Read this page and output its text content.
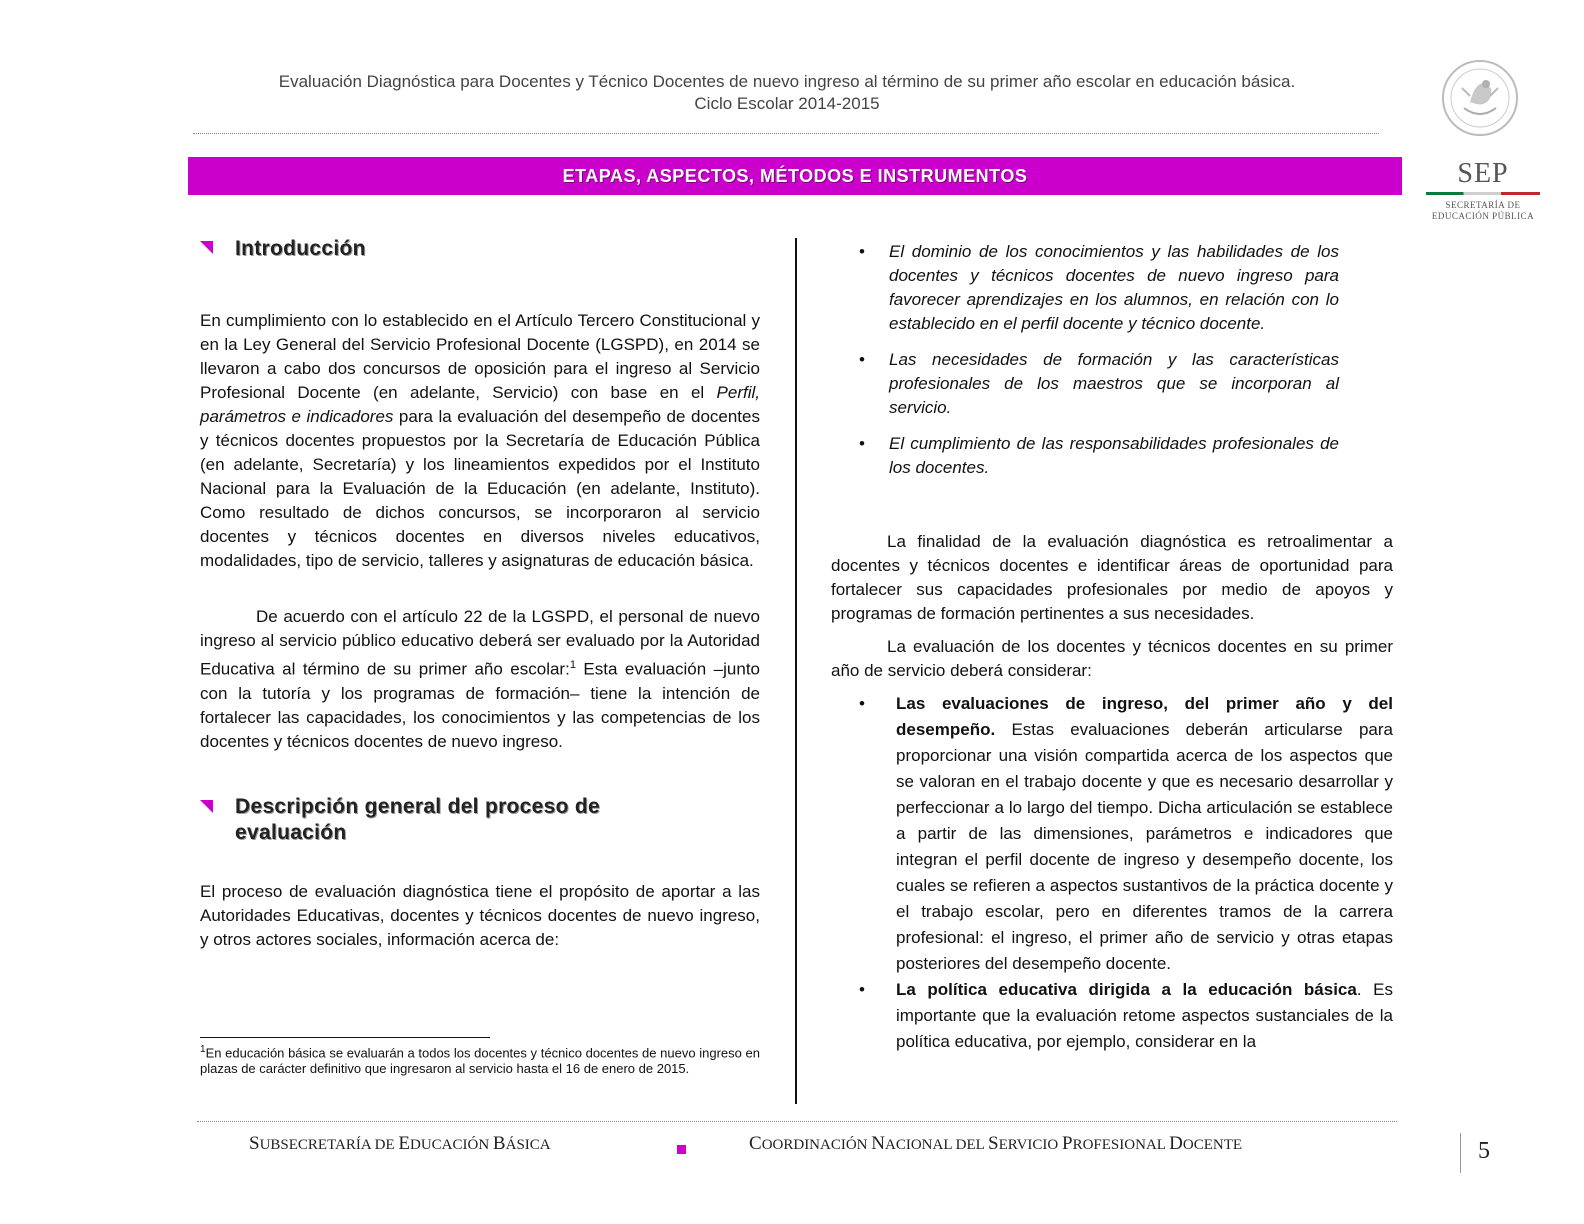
Evaluación Diagnóstica para Docentes y Técnico Docentes de nuevo ingreso al término de su primer año escolar en educación básica.
Ciclo Escolar 2014-2015
SEP
SECRETARÍA DE
EDUCACIÓN PÚBLICA
ETAPAS, ASPECTOS, MÉTODOS E INSTRUMENTOS
Introducción

En cumplimiento con lo establecido en el Artículo Tercero Constitucional y en la Ley General del Servicio Profesional Docente (LGSPD), en 2014 se llevaron a cabo dos concursos de oposición para el ingreso al Servicio Profesional Docente (en adelante, Servicio) con base en el Perfil, parámetros e indicadores para la evaluación del desempeño de docentes y técnicos docentes propuestos por la Secretaría de Educación Pública (en adelante, Secretaría) y los lineamientos expedidos por el Instituto Nacional para la Evaluación de la Educación (en adelante, Instituto). Como resultado de dichos concursos, se incorporaron al servicio docentes y técnicos docentes en diversos niveles educativos, modalidades, tipo de servicio, talleres y asignaturas de educación básica.

De acuerdo con el artículo 22 de la LGSPD, el personal de nuevo ingreso al servicio público educativo deberá ser evaluado por la Autoridad Educativa al término de su primer año escolar:$^1$ Esta evaluación –junto con la tutoría y los programas de formación– tiene la intención de fortalecer las capacidades, los conocimientos y las competencias de los docentes y técnicos docentes de nuevo ingreso.

Descripción general del proceso de
evaluación

El proceso de evaluación diagnóstica tiene el propósito de aportar a las Autoridades Educativas, docentes y técnicos docentes de nuevo ingreso, y otros actores sociales, información acerca de:

$^1$En educación básica se evaluarán a todos los docentes y técnico docentes de nuevo ingreso en plazas de carácter definitivo que ingresaron al servicio hasta el 16 de enero de 2015.
• El dominio de los conocimientos y las habilidades de los docentes y técnicos docentes de nuevo ingreso para favorecer aprendizajes en los alumnos, en relación con lo establecido en el perfil docente y técnico docente.
• Las necesidades de formación y las características profesionales de los maestros que se incorporan al servicio.
• El cumplimiento de las responsabilidades profesionales de los docentes.

La finalidad de la evaluación diagnóstica es retroalimentar a docentes y técnicos docentes e identificar áreas de oportunidad para fortalecer sus capacidades profesionales por medio de apoyos y programas de formación pertinentes a sus necesidades.

La evaluación de los docentes y técnicos docentes en su primer año de servicio deberá considerar:

• Las evaluaciones de ingreso, del primer año y del desempeño. Estas evaluaciones deberán articularse para proporcionar una visión compartida acerca de los aspectos que se valoran en el trabajo docente y que es necesario desarrollar y perfeccionar a lo largo del tiempo. Dicha articulación se establece a partir de las dimensiones, parámetros e indicadores que integran el perfil docente de ingreso y desempeño docente, los cuales se refieren a aspectos sustantivos de la práctica docente y el trabajo escolar, pero en diferentes tramos de la carrera profesional: el ingreso, el primer año de servicio y otras etapas posteriores del desempeño docente.
• La política educativa dirigida a la educación básica. Es importante que la evaluación retome aspectos sustanciales de la política educativa, por ejemplo, considerar en la
SUBSECRETARÍA DE EDUCACIÓN BÁSICA	COORDINACIÓN NACIONAL DEL SERVICIO PROFESIONAL DOCENTE	5
